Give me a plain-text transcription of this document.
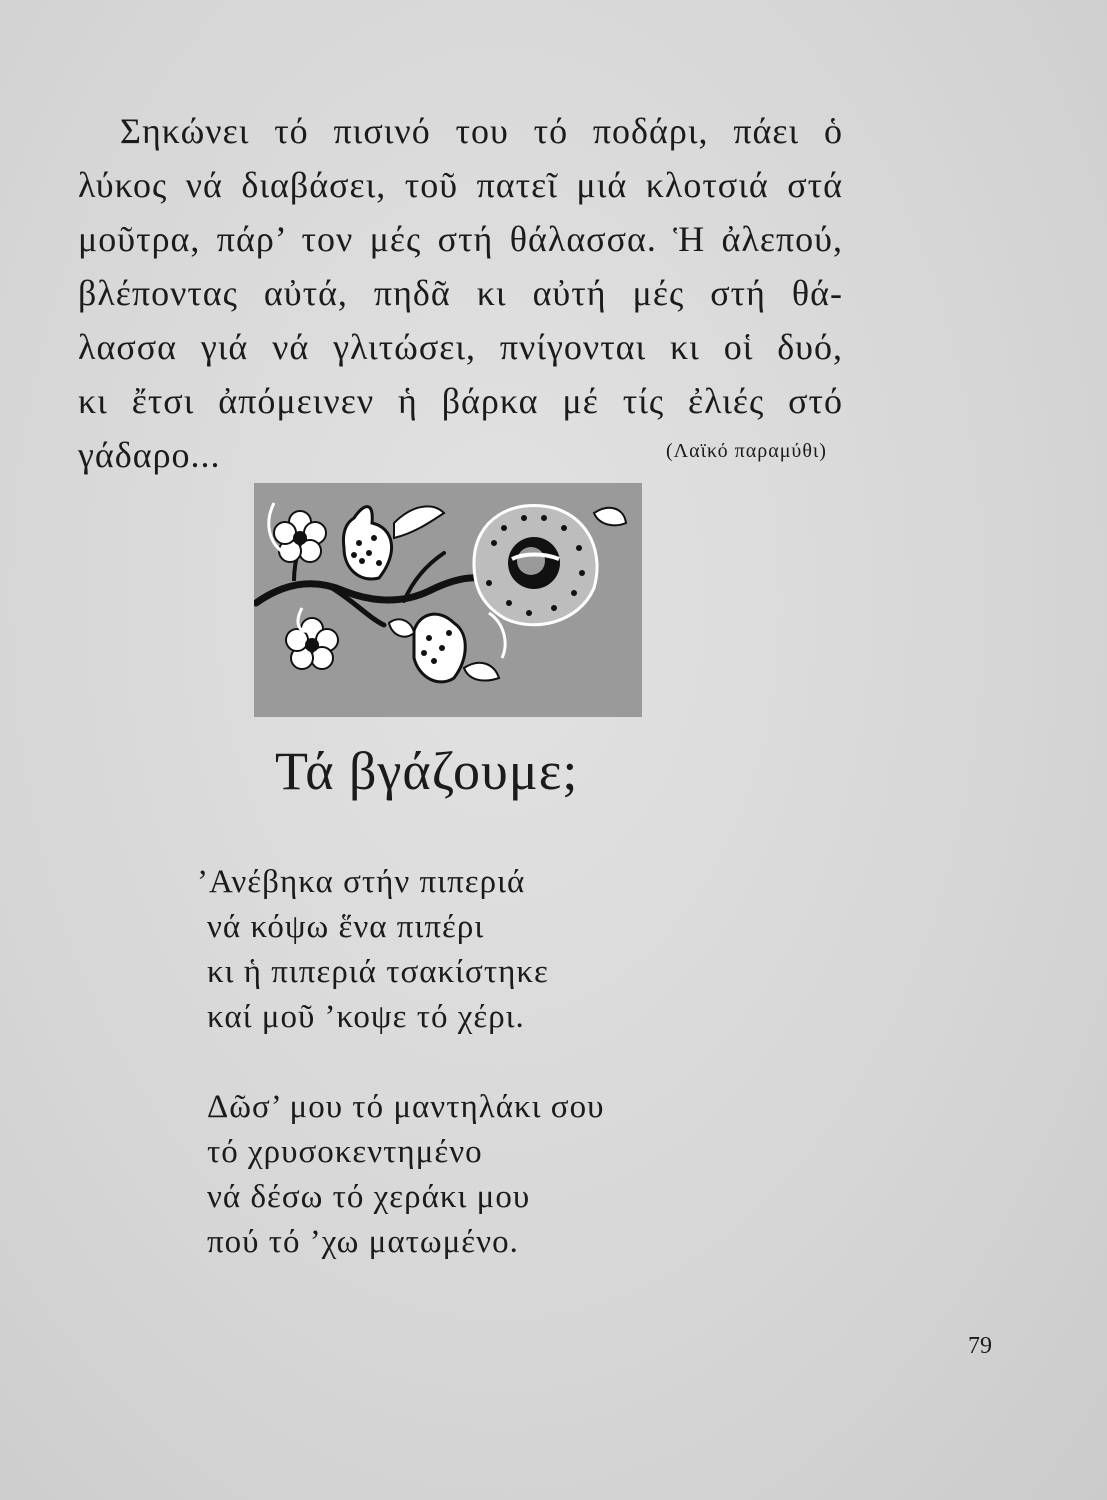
Σηκώνει τό πισινό του τό ποδάρι, πάει ὁ
λύκος νά διαβάσει, τοῦ πατεῖ μιά κλοτσιά στά
μοῦτρα, πάρ’ τον μές στή θάλασσα. Ἡ ἀλεπού,
βλέποντας αὐτά, πηδᾶ κι αὐτή μές στή θά-
λασσα γιά νά γλιτώσει, πνίγονται κι οἱ δυό,
κι ἔτσι ἀπόμεινεν ἡ βάρκα μέ τίς ἐλιές στό
γάδαρο...	(Λαϊκό παραμύθι)
Τά βγάζουμε;
’Ανέβηκα στήν πιπεριά
νά κόψω ἕνα πιπέρι
κι ἡ πιπεριά τσακίστηκε
καί μοῦ ’κοψε τό χέρι.
Δῶσ’ μου τό μαντηλάκι σου
τό χρυσοκεντημένο
νά δέσω τό χεράκι μου
πού τό ’χω ματωμένο.
79
